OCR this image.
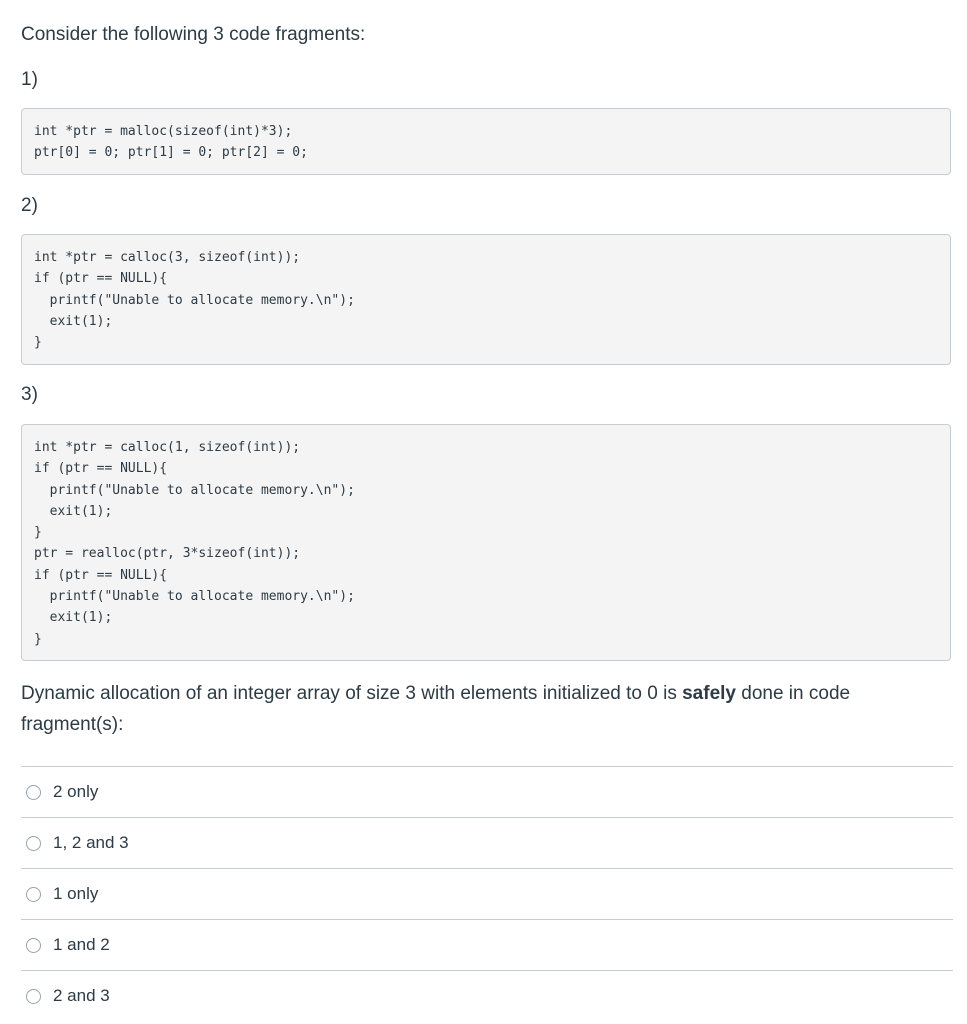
Consider the following 3 code fragments:

1)

int *ptr = malloc(sizeof(int)*3);
ptr[0] = 0; ptr[1] = 0; ptr[2] = 0;

2)

int *ptr = calloc(3, sizeof(int));
if (ptr == NULL){
printf("Unable to allocate memory.\n");
exit(1);
}

3)

int *ptr = calloc(1, sizeof(int));
if (ptr == NULL){
printf("Unable to allocate memory.\n");
exit(1);
}
ptr = realloc(ptr, 3*sizeof(int));
if (ptr == NULL){
printf("Unable to allocate memory.\n");
exit(1);
}

Dynamic allocation of an integer array of size 3 with elements initialized to 0 is safely done in code fragment(s):

2 only
1, 2 and 3
1 only
1 and 2
2 and 3
